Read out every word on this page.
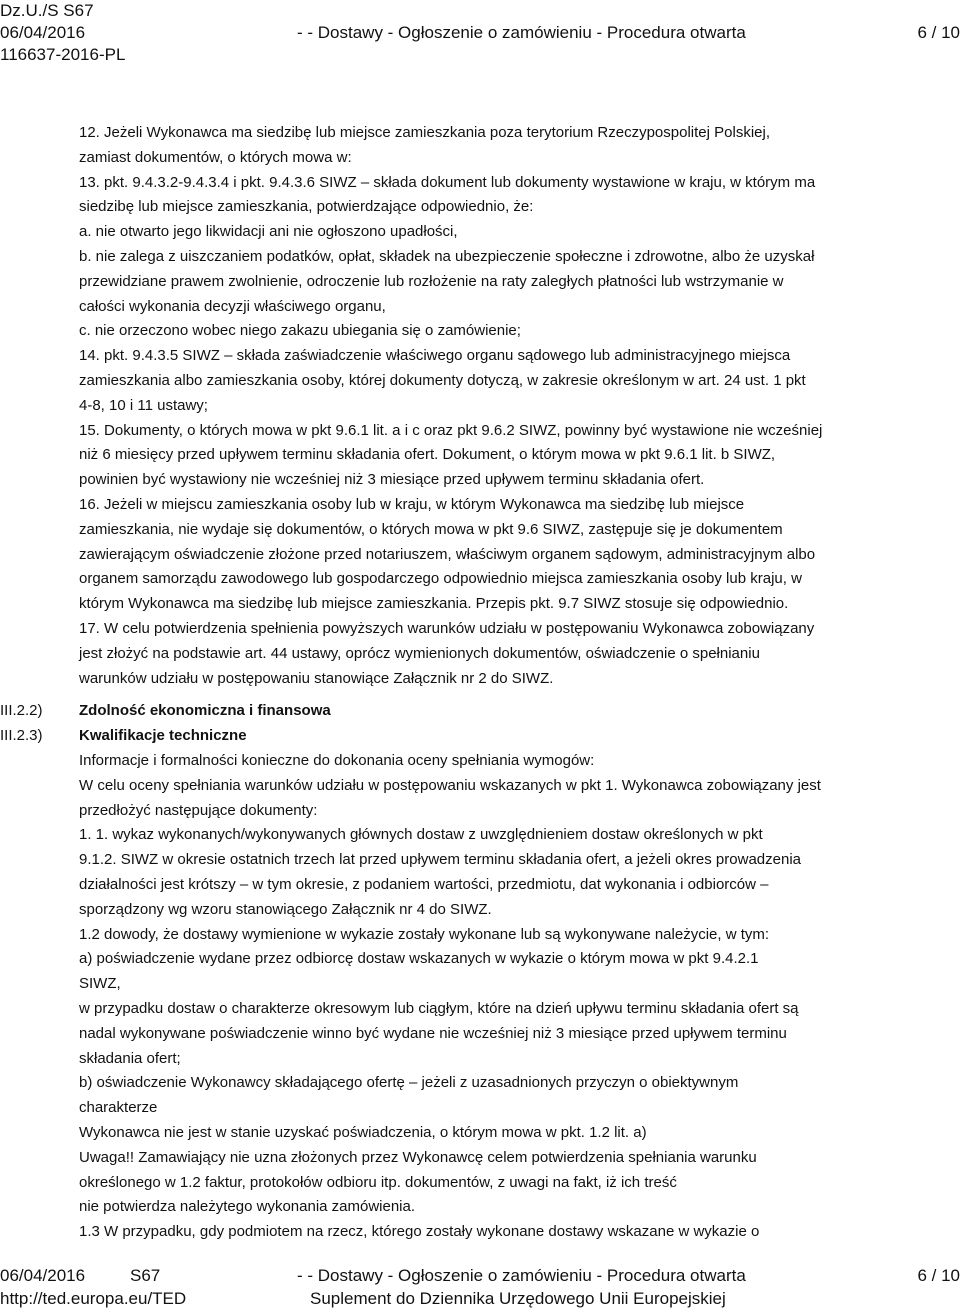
Dz.U./S S67
06/04/2016
116637-2016-PL
- - Dostawy - Ogłoszenie o zamówieniu - Procedura otwarta	6 / 10
III.2.2)
III.2.3)
12. Jeżeli Wykonawca ma siedzibę lub miejsce zamieszkania poza terytorium Rzeczypospolitej Polskiej,
zamiast dokumentów, o których mowa w:
13. pkt. 9.4.3.2-9.4.3.4 i pkt. 9.4.3.6 SIWZ – składa dokument lub dokumenty wystawione w kraju, w którym ma
siedzibę lub miejsce zamieszkania, potwierdzające odpowiednio, że:
a. nie otwarto jego likwidacji ani nie ogłoszono upadłości,
b. nie zalega z uiszczaniem podatków, opłat, składek na ubezpieczenie społeczne i zdrowotne, albo że uzyskał
przewidziane prawem zwolnienie, odroczenie lub rozłożenie na raty zaległych płatności lub wstrzymanie w
całości wykonania decyzji właściwego organu,
c. nie orzeczono wobec niego zakazu ubiegania się o zamówienie;
14. pkt. 9.4.3.5 SIWZ – składa zaświadczenie właściwego organu sądowego lub administracyjnego miejsca
zamieszkania albo zamieszkania osoby, której dokumenty dotyczą, w zakresie określonym w art. 24 ust. 1 pkt
4-8, 10 i 11 ustawy;
15. Dokumenty, o których mowa w pkt 9.6.1 lit. a i c oraz pkt 9.6.2 SIWZ, powinny być wystawione nie wcześniej
niż 6 miesięcy przed upływem terminu składania ofert. Dokument, o którym mowa w pkt 9.6.1 lit. b SIWZ,
powinien być wystawiony nie wcześniej niż 3 miesiące przed upływem terminu składania ofert.
16. Jeżeli w miejscu zamieszkania osoby lub w kraju, w którym Wykonawca ma siedzibę lub miejsce
zamieszkania, nie wydaje się dokumentów, o których mowa w pkt 9.6 SIWZ, zastępuje się je dokumentem
zawierającym oświadczenie złożone przed notariuszem, właściwym organem sądowym, administracyjnym albo
organem samorządu zawodowego lub gospodarczego odpowiednio miejsca zamieszkania osoby lub kraju, w
którym Wykonawca ma siedzibę lub miejsce zamieszkania. Przepis pkt. 9.7 SIWZ stosuje się odpowiednio.
17. W celu potwierdzenia spełnienia powyższych warunków udziału w postępowaniu Wykonawca zobowiązany
jest złożyć na podstawie art. 44 ustawy, oprócz wymienionych dokumentów, oświadczenie o spełnianiu
warunków udziału w postępowaniu stanowiące Załącznik nr 2 do SIWZ.
Zdolność ekonomiczna i finansowa
Kwalifikacje techniczne
Informacje i formalności konieczne do dokonania oceny spełniania wymogów:
W celu oceny spełniania warunków udziału w postępowaniu wskazanych w pkt 1. Wykonawca zobowiązany jest
przedłożyć następujące dokumenty:
1. 1. wykaz wykonanych/wykonywanych głównych dostaw z uwzględnieniem dostaw określonych w pkt
9.1.2. SIWZ w okresie ostatnich trzech lat przed upływem terminu składania ofert, a jeżeli okres prowadzenia
działalności jest krótszy – w tym okresie, z podaniem wartości, przedmiotu, dat wykonania i odbiorców –
sporządzony wg wzoru stanowiącego Załącznik nr 4 do SIWZ.
1.2 dowody, że dostawy wymienione w wykazie zostały wykonane lub są wykonywane należycie, w tym:
a) poświadczenie wydane przez odbiorcę dostaw wskazanych w wykazie o którym mowa w pkt 9.4.2.1
SIWZ,
w przypadku dostaw o charakterze okresowym lub ciągłym, które na dzień upływu terminu składania ofert są
nadal wykonywane poświadczenie winno być wydane nie wcześniej niż 3 miesiące przed upływem terminu
składania ofert;
b) oświadczenie Wykonawcy składającego ofertę – jeżeli z uzasadnionych przyczyn o obiektywnym
charakterze
Wykonawca nie jest w stanie uzyskać poświadczenia, o którym mowa w pkt. 1.2 lit. a)
Uwaga!! Zamawiający nie uzna złożonych przez Wykonawcę celem potwierdzenia spełniania warunku
określonego w 1.2 faktur, protokołów odbioru itp. dokumentów, z uwagi na fakt, iż ich treść
nie potwierdza należytego wykonania zamówienia.
1.3 W przypadku, gdy podmiotem na rzecz, którego zostały wykonane dostawy wskazane w wykazie o
06/04/2016	S67
http://ted.europa.eu/TED
- - Dostawy - Ogłoszenie o zamówieniu - Procedura otwarta
Suplement do Dziennika Urzędowego Unii Europejskiej
6 / 10
